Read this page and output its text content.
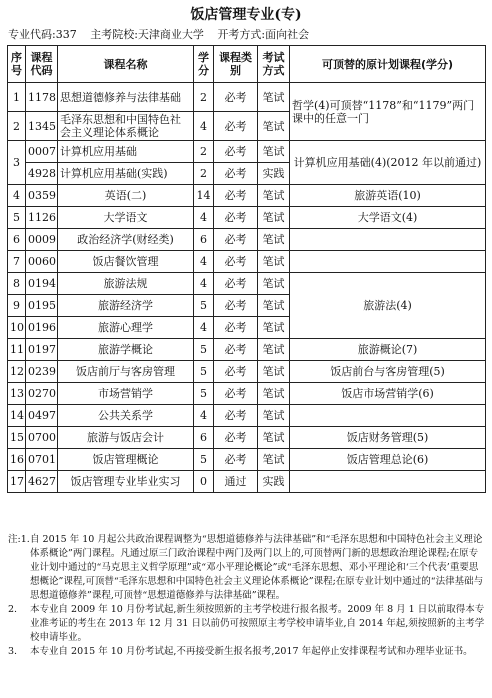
饭店管理专业(专)
专业代码:337 主考院校:天津商业大学 开考方式:面向社会
序号	课程代码	课程名称	学分	课程类别	考试方式	可顶替的原计划课程(学分)
1	1178	思想道德修养与法律基础	2	必考	笔试	哲学(4)可顶替“1178”和“1179”两门课中的任意一门
2	1345	毛泽东思想和中国特色社会主义理论体系概论	4	必考	笔试	
3	0007	计算机应用基础	2	必考	笔试	计算机应用基础(4)(2012 年以前通过)
	4928	计算机应用基础(实践)	2	必考	实践	
4	0359	英语(二)	14	必考	笔试	旅游英语(10)
5	1126	大学语文	4	必考	笔试	大学语文(4)
6	0009	政治经济学(财经类)	6	必考	笔试	
7	0060	饭店餐饮管理	4	必考	笔试	
8	0194	旅游法规	4	必考	笔试	旅游法(4)
9	0195	旅游经济学	5	必考	笔试	
10	0196	旅游心理学	4	必考	笔试	
11	0197	旅游学概论	5	必考	笔试	旅游概论(7)
12	0239	饭店前厅与客房管理	5	必考	笔试	饭店前台与客房管理(5)
13	0270	市场营销学	5	必考	笔试	饭店市场营销学(6)
14	0497	公共关系学	4	必考	笔试	
15	0700	旅游与饭店会计	6	必考	笔试	饭店财务管理(5)
16	0701	饭店管理概论	5	必考	笔试	饭店管理总论(6)
17	4627	饭店管理专业毕业实习	0	通过	实践	
注:1. 自 2015 年 10 月起公共政治课程调整为“思想道德修养与法律基础”和“毛泽东思想和中国特色社会主义理论体系概论”两门课程。凡通过原三门政治课程中两门及两门以上的,可顶替两门新的思想政治理论课程;在原专业计划中通过的“马克思主义哲学原理”或“邓小平理论概论”或“毛泽东思想、邓小平理论和‘三个代表’重要思想概论”课程,可顶替“毛泽东思想和中国特色社会主义理论体系概论”课程;在原专业计划中通过的“法律基础与思想道德修养”课程,可顶替“思想道德修养与法律基础”课程。
2.	本专业自 2009 年 10 月份考试起,新生须按照新的主考学校进行报名报考。2009 年 8 月 1 日以前取得本专业准考证的考生在 2013 年 12 月 31 日以前仍可按照原主考学校申请毕业,自 2014 年起,须按照新的主考学校申请毕业。
3.	本专业自 2015 年 10 月份考试起,不再接受新生报名报考,2017 年起停止安排课程考试和办理毕业证书。
